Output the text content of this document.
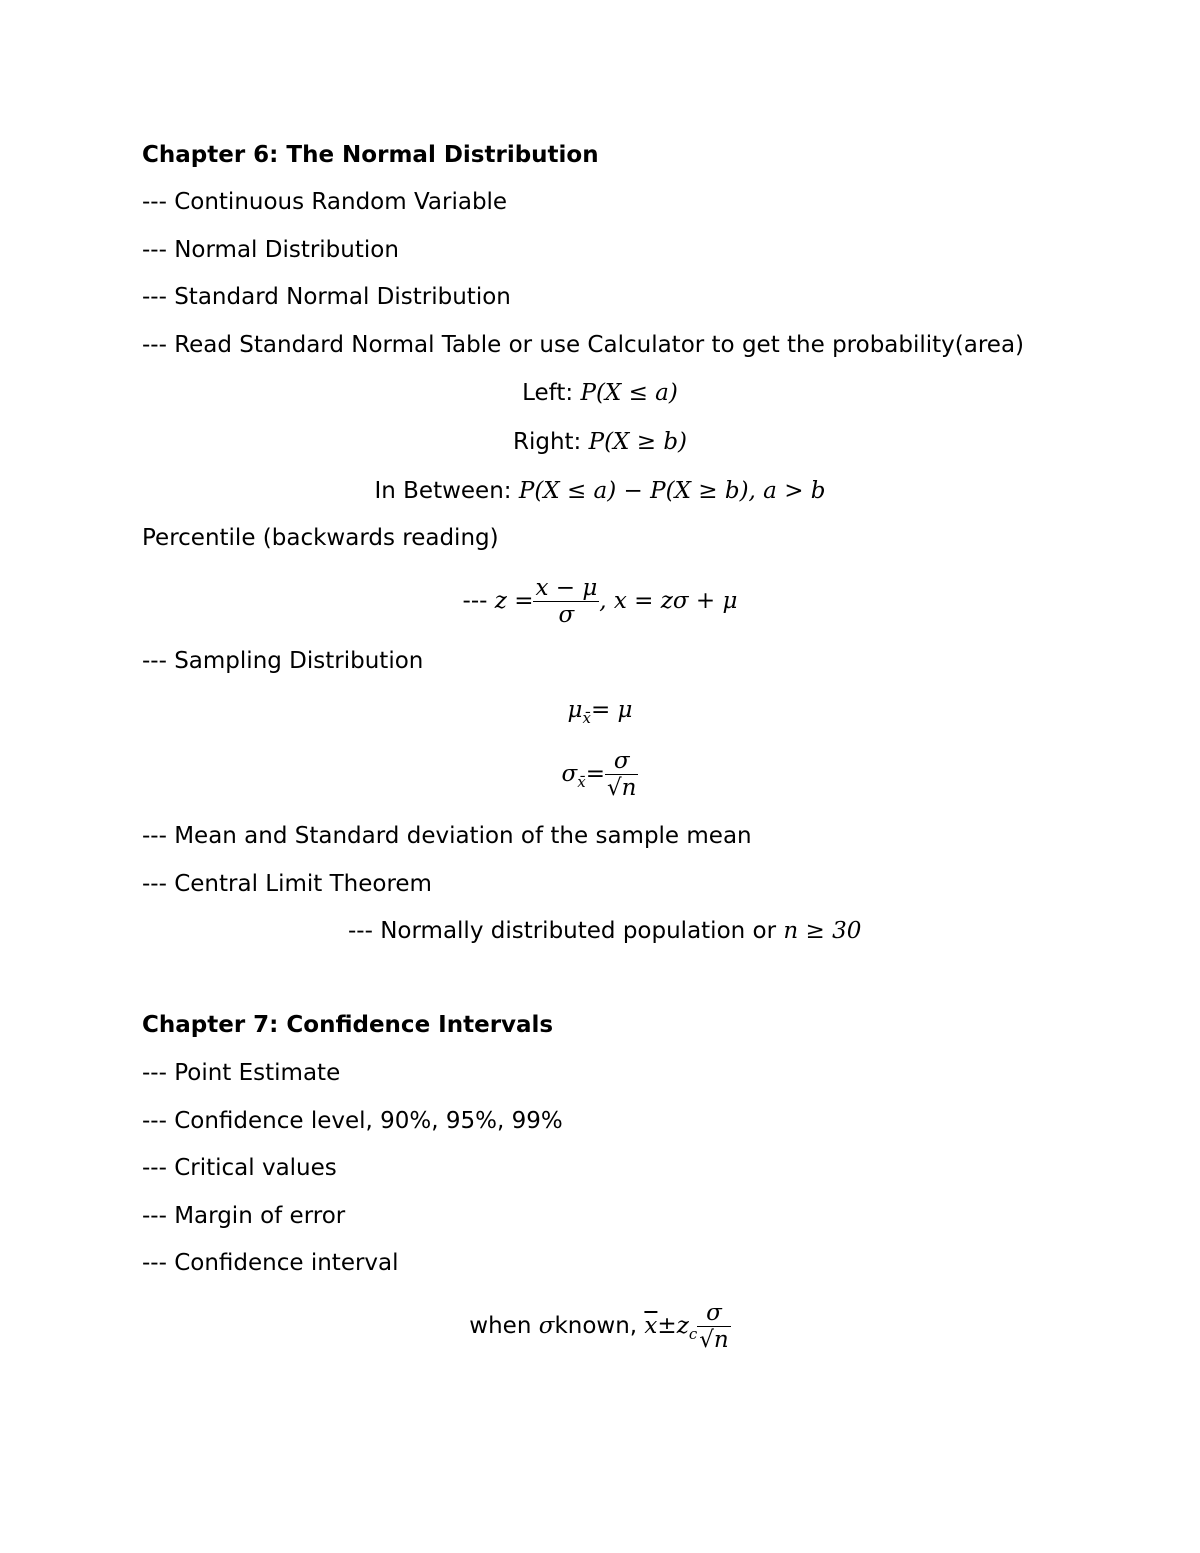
Chapter 6: The Normal Distribution
--- Continuous Random Variable
--- Normal Distribution
--- Standard Normal Distribution
--- Read Standard Normal Table or use Calculator to get the probability(area)
Left: P(X ≤ a)
Right: P(X ≥ b)
In Between: P(X ≤ a) − P(X ≥ b), a > b
Percentile (backwards reading)
--- $z = \frac{x - \mu}{\sigma}$ , x = zσ + μ
--- Sampling Distribution
$\mu_{x̄}= \mu$
$\sigma_{x̄}= \frac{\sigma}{√n}$
--- Mean and Standard deviation of the sample mean
--- Central Limit Theorem
--- Normally distributed population or n ≥ 30
Chapter 7: Confidence Intervals
--- Point Estimate
--- Confidence level, 90%, 95%, 99%
--- Critical values
--- Margin of error
--- Confidence interval
when σknown, $\overline{x}\pm z_c \frac{\sigma}{√n}$
